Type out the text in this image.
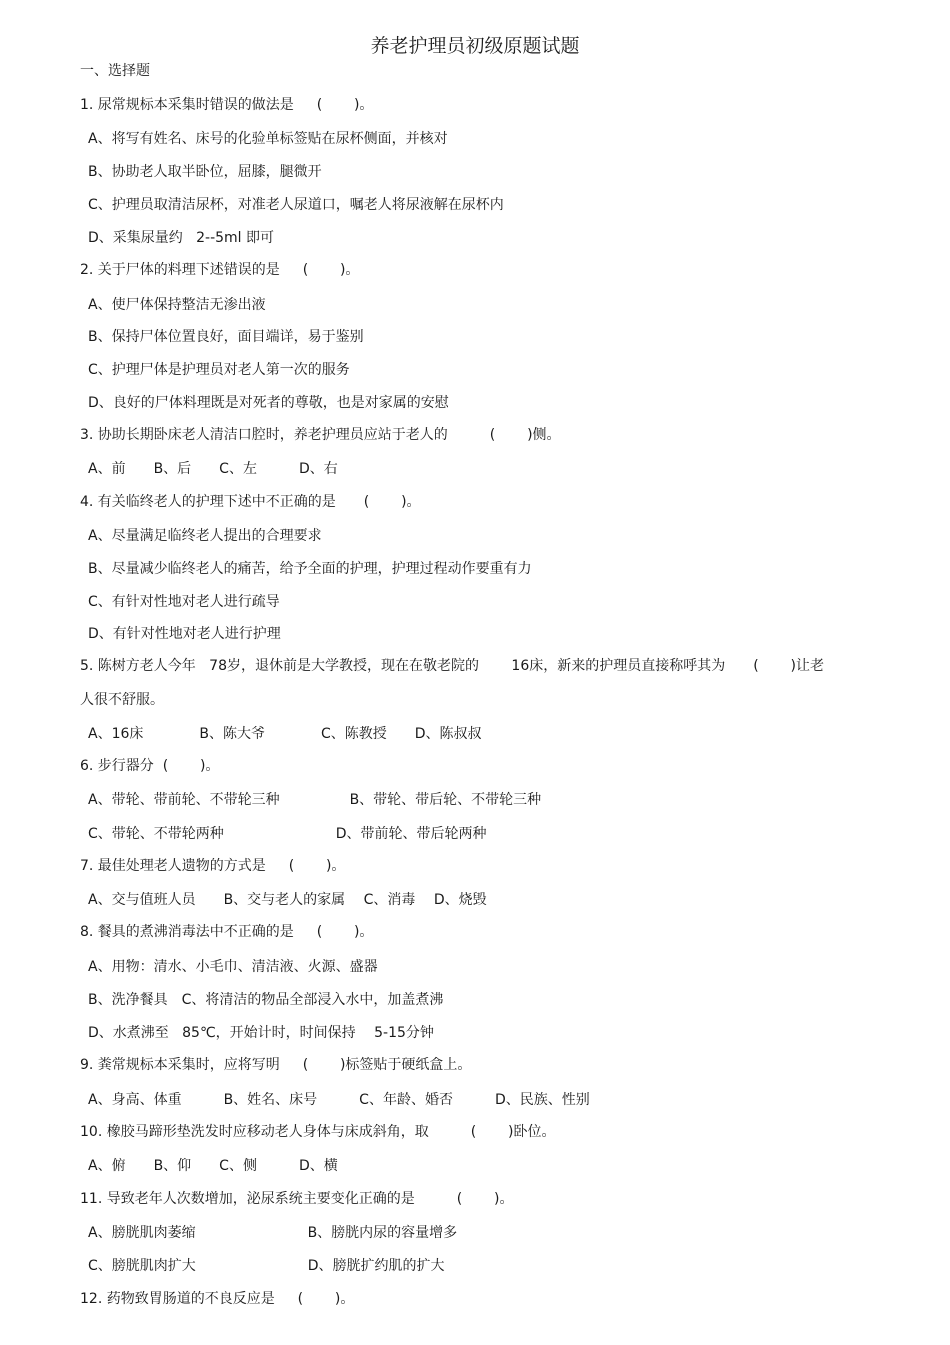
养老护理员初级原题试题
一、选择题
1. 尿常规标本采集时错误的做法是　  (　    )。
A、将写有姓名、床号的化验单标签贴在尿杯侧面，并核对
B、协助老人取半卧位，屈膝，腿微开
C、护理员取清洁尿杯，对准老人尿道口，嘱老人将尿液解在尿杯内
D、采集尿量约   2--5ml 即可
2. 关于尸体的料理下述错误的是　  (　    )。
A、使尸体保持整洁无渗出液
B、保持尸体位置良好，面目端详，易于鉴别
C、护理尸体是护理员对老人第一次的服务
D、良好的尸体料理既是对死者的尊敬，也是对家属的安慰
3. 协助长期卧床老人清洁口腔时，养老护理员应站于老人的　　　(　    )侧。
A、前　　B、后　　C、左　　　D、右
4. 有关临终老人的护理下述中不正确的是　　(　    )。
A、尽量满足临终老人提出的合理要求
B、尽量减少临终老人的痛苦，给予全面的护理，护理过程动作要重有力
C、有针对性地对老人进行疏导
D、有针对性地对老人进行护理
5. 陈树方老人今年   78岁，退休前是大学教授，现在在敬老院的　　 16床，新来的护理员直接称呼其为　　(　    )让老
人很不舒服。
A、16床　　　　B、陈大爷　　　　C、陈教授　　D、陈叔叔
6. 步行器分  (　    )。
A、带轮、带前轮、不带轮三种　　　　　B、带轮、带后轮、不带轮三种
C、带轮、不带轮两种　　　　　　　　D、带前轮、带后轮两种
7. 最佳处理老人遗物的方式是　  (　    )。
A、交与值班人员　　B、交与老人的家属　 C、消毒　 D、烧毁
8. 餐具的煮沸消毒法中不正确的是　  (　    )。
A、用物：清水、小毛巾、清洁液、火源、盛器
B、洗净餐具　C、将清洁的物品全部浸入水中，加盖煮沸
D、水煮沸至   85℃，开始计时，时间保持　 5-15分钟
9. 粪常规标本采集时，应将写明　  (　    )标签贴于硬纸盒上。
A、身高、体重　　　B、姓名、床号　　　C、年龄、婚否　　　D、民族、性别
10. 橡胶马蹄形垫洗发时应移动老人身体与床成斜角，取　　　(　    )卧位。
A、俯　　B、仰　　C、侧　　　D、横
11. 导致老年人次数增加，泌尿系统主要变化正确的是　　　(　    )。
A、膀胱肌肉萎缩　　　　　　　　B、膀胱内尿的容量增多
C、膀胱肌肉扩大　　　　　　　　D、膀胱扩约肌的扩大
12. 药物致胃肠道的不良反应是　  (　    )。
